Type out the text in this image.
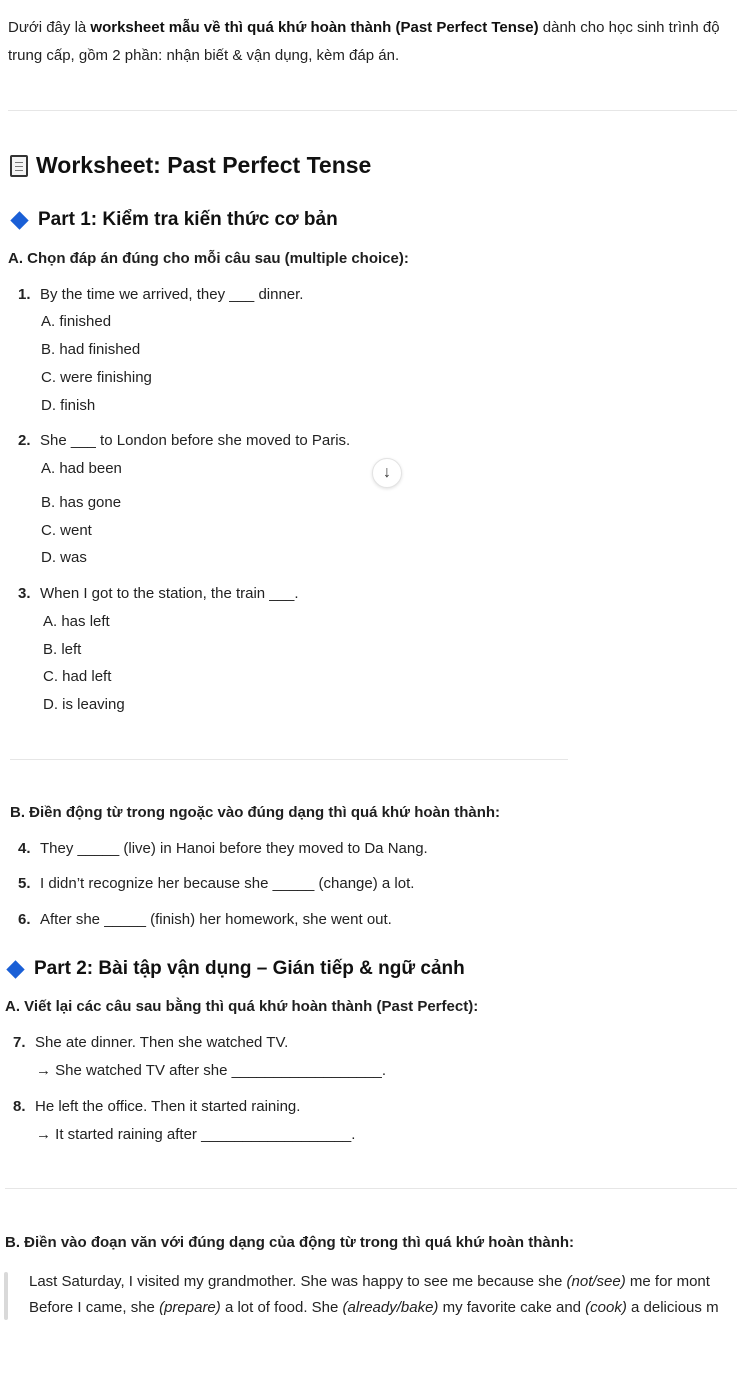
Dưới đây là worksheet mẫu về thì quá khứ hoàn thành (Past Perfect Tense) dành cho học sinh trình độ
trung cấp, gồm 2 phần: nhận biết & vận dụng, kèm đáp án.
Worksheet: Past Perfect Tense
Part 1: Kiểm tra kiến thức cơ bản
A. Chọn đáp án đúng cho mỗi câu sau (multiple choice):
1. By the time we arrived, they ___ dinner.
A. finished
B. had finished
C. were finishing
D. finish
2. She ___ to London before she moved to Paris.
A. had been
B. has gone
C. went
D. was
↓
3. When I got to the station, the train ___.
A. has left
B. left
C. had left
D. is leaving
B. Điền động từ trong ngoặc vào đúng dạng thì quá khứ hoàn thành:
4. They _____ (live) in Hanoi before they moved to Da Nang.
5. I didn’t recognize her because she _____ (change) a lot.
6. After she _____ (finish) her homework, she went out.
Part 2: Bài tập vận dụng – Gián tiếp & ngữ cảnh
A. Viết lại các câu sau bằng thì quá khứ hoàn thành (Past Perfect):
7. She ate dinner. Then she watched TV.
→ She watched TV after she __________________.
8. He left the office. Then it started raining.
→ It started raining after __________________.
B. Điền vào đoạn văn với đúng dạng của động từ trong thì quá khứ hoàn thành:
Last Saturday, I visited my grandmother. She was happy to see me because she (not/see) me for mont
Before I came, she (prepare) a lot of food. She (already/bake) my favorite cake and (cook) a delicious m
